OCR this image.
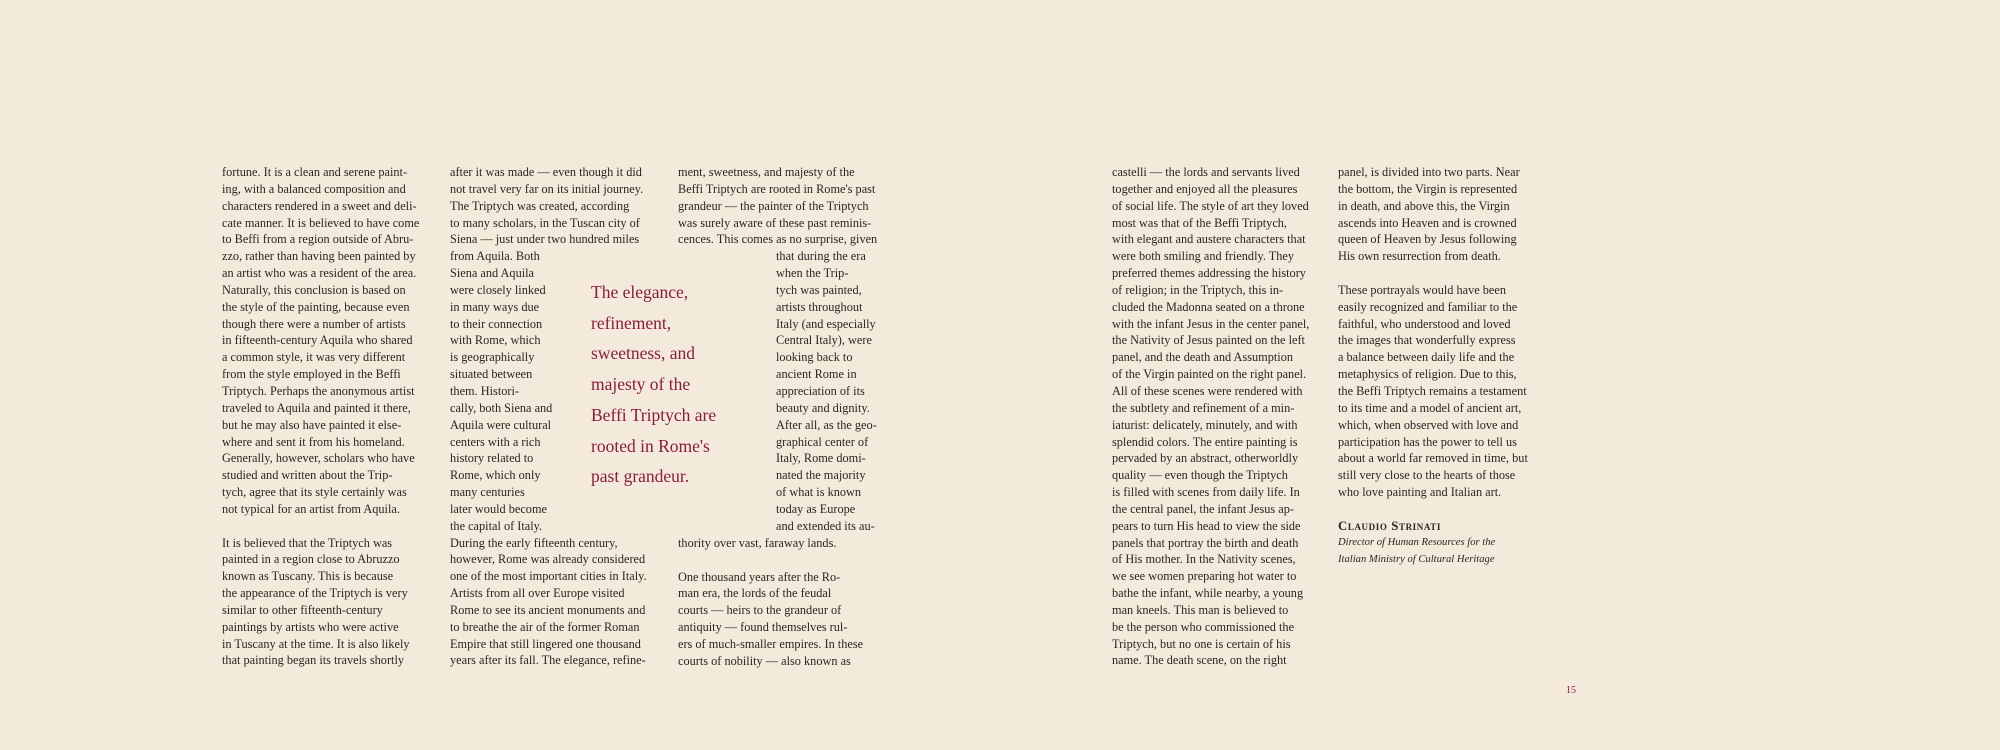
fortune. It is a clean and serene paint-
ing, with a balanced composition and
characters rendered in a sweet and deli-
cate manner. It is believed to have come
to Beffi from a region outside of Abru-
zzo, rather than having been painted by
an artist who was a resident of the area.
Naturally, this conclusion is based on
the style of the painting, because even
though there were a number of artists
in fifteenth-century Aquila who shared
a common style, it was very different
from the style employed in the Beffi
Triptych. Perhaps the anonymous artist
traveled to Aquila and painted it there,
but he may also have painted it else-
where and sent it from his homeland.
Generally, however, scholars who have
studied and written about the Trip-
tych, agree that its style certainly was
not typical for an artist from Aquila.
It is believed that the Triptych was
painted in a region close to Abruzzo
known as Tuscany. This is because
the appearance of the Triptych is very
similar to other fifteenth-century
paintings by artists who were active
in Tuscany at the time. It is also likely
that painting began its travels shortly
after it was made — even though it did
not travel very far on its initial journey.
The Triptych was created, according
to many scholars, in the Tuscan city of
Siena — just under two hundred miles
from Aquila. Both
Siena and Aquila
were closely linked
in many ways due
to their connection
with Rome, which
is geographically
situated between
them. Histori-
cally, both Siena and
Aquila were cultural
centers with a rich
history related to
Rome, which only
many centuries
later would become
the capital of Italy.
During the early fifteenth century,
however, Rome was already considered
one of the most important cities in Italy.
Artists from all over Europe visited
Rome to see its ancient monuments and
to breathe the air of the former Roman
Empire that still lingered one thousand
years after its fall. The elegance, refine-
ment, sweetness, and majesty of the
Beffi Triptych are rooted in Rome's past
grandeur — the painter of the Triptych
was surely aware of these past reminis-
cences. This comes as no surprise, given
that during the era
when the Trip-
tych was painted,
artists throughout
Italy (and especially
Central Italy), were
looking back to
ancient Rome in
appreciation of its
beauty and dignity.
After all, as the geo-
graphical center of
Italy, Rome domi-
nated the majority
of what is known
today as Europe
and extended its au-
thority over vast, faraway lands.
One thousand years after the Ro-
man era, the lords of the feudal
courts — heirs to the grandeur of
antiquity — found themselves rul-
ers of much-smaller empires. In these
courts of nobility — also known as
The elegance,
refinement,
sweetness, and
majesty of the
Beffi Triptych are
rooted in Rome's
past grandeur.
castelli — the lords and servants lived
together and enjoyed all the pleasures
of social life. The style of art they loved
most was that of the Beffi Triptych,
with elegant and austere characters that
were both smiling and friendly. They
preferred themes addressing the history
of religion; in the Triptych, this in-
cluded the Madonna seated on a throne
with the infant Jesus in the center panel,
the Nativity of Jesus painted on the left
panel, and the death and Assumption
of the Virgin painted on the right panel.
All of these scenes were rendered with
the subtlety and refinement of a min-
iaturist: delicately, minutely, and with
splendid colors. The entire painting is
pervaded by an abstract, otherworldly
quality — even though the Triptych
is filled with scenes from daily life. In
the central panel, the infant Jesus ap-
pears to turn His head to view the side
panels that portray the birth and death
of His mother. In the Nativity scenes,
we see women preparing hot water to
bathe the infant, while nearby, a young
man kneels. This man is believed to
be the person who commissioned the
Triptych, but no one is certain of his
name. The death scene, on the right
panel, is divided into two parts. Near
the bottom, the Virgin is represented
in death, and above this, the Virgin
ascends into Heaven and is crowned
queen of Heaven by Jesus following
His own resurrection from death.
These portrayals would have been
easily recognized and familiar to the
faithful, who understood and loved
the images that wonderfully express
a balance between daily life and the
metaphysics of religion. Due to this,
the Beffi Triptych remains a testament
to its time and a model of ancient art,
which, when observed with love and
participation has the power to tell us
about a world far removed in time, but
still very close to the hearts of those
who love painting and Italian art.
Claudio Strinati
Director of Human Resources for the
Italian Ministry of Cultural Heritage
15
